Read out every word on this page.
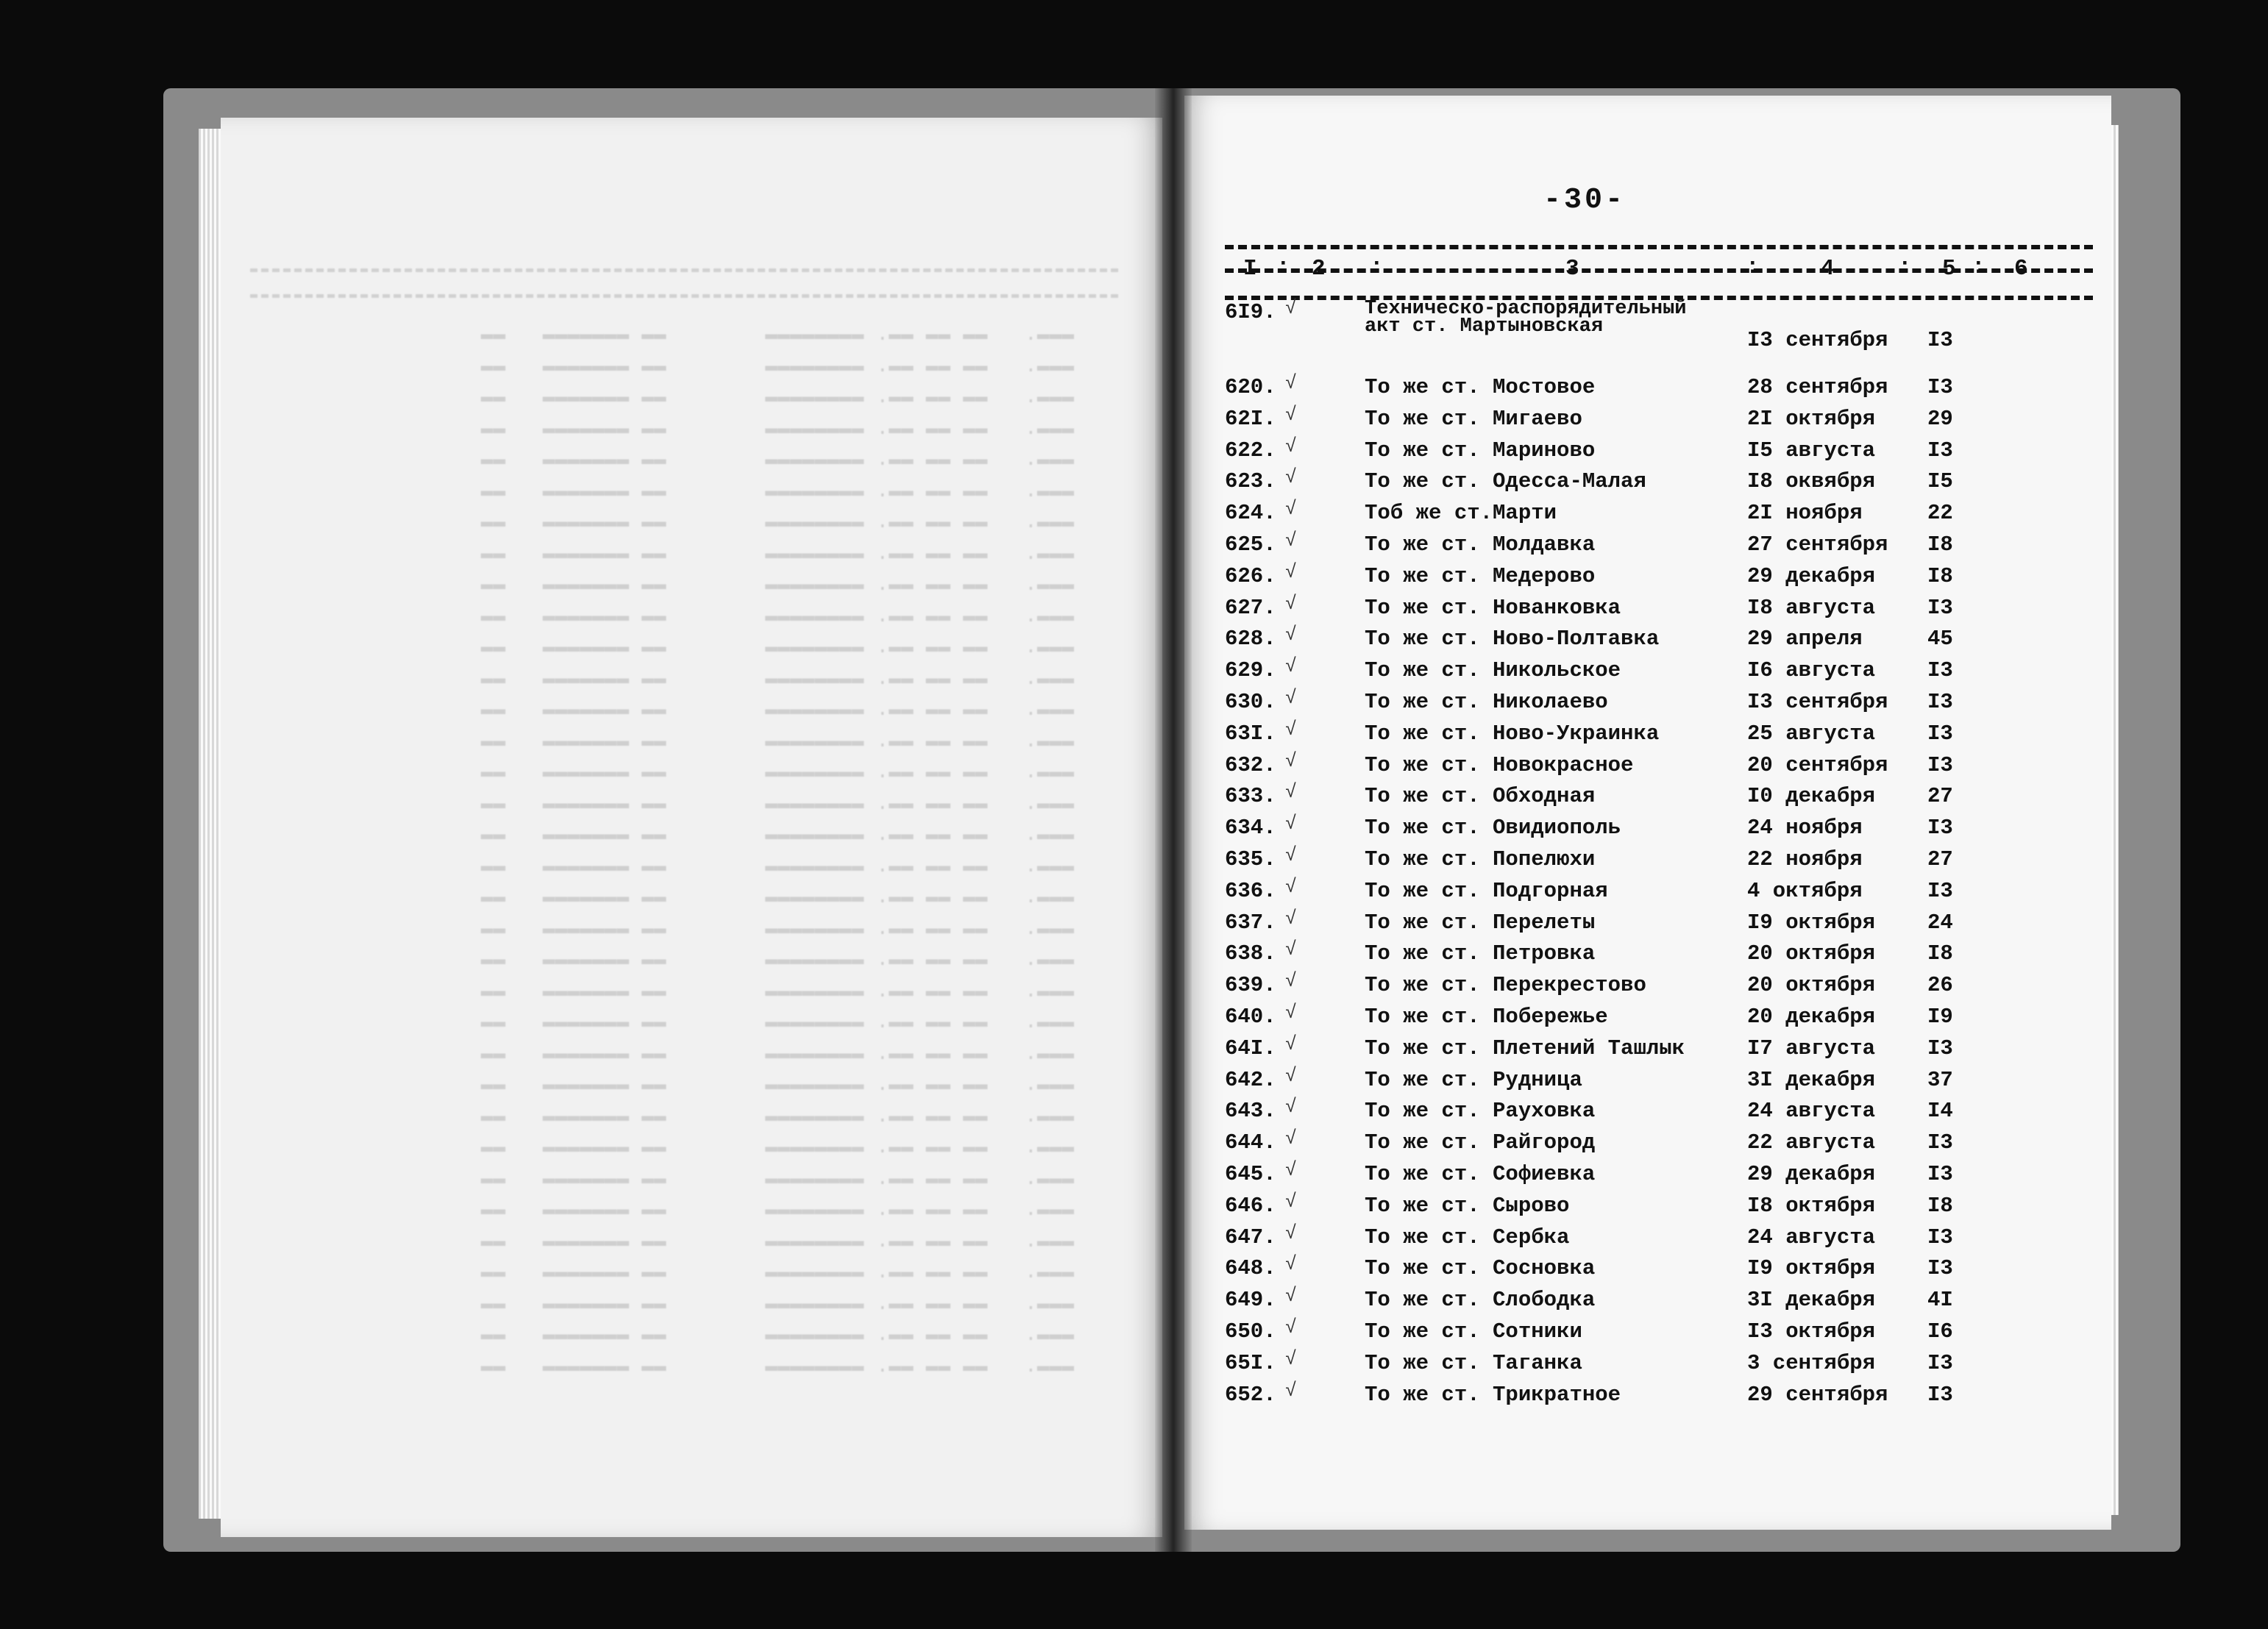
-30-
I : 2 :	3	:	4	: 5 : 6
6I9. √	Техническо-распорядительный
акт ст. Мартыновская
I3 сентября I3
620. √	То же ст. Мостовое	28 сентября I3
62I. √	То же ст. Мигаево	2I октября 29
622. √	То же ст. Мариново	I5 августа I3
623. √	То же ст. Одесса-Малая	I8 оквября I5
624. √	Тоб же ст.Марти	2I ноября	22
625. √	То же ст. Молдавка	27 сентября I8
626. √	То же ст. Медерово	29 декабря I8
627. √	То же ст. Нованковка	I8 августа I3
628. √	То же ст. Ново-Полтавка	29 апреля	45
629. √	То же ст. Никольское	I6 августа I3
630. √	То же ст. Николаево	I3 сентября I3
63I. √	То же ст. Ново-Украинка	25 августа I3
632. √	То же ст. Новокрасное	20 сентября I3
633. √	То же ст. Обходная	I0 декабря 27
634. √	То же ст. Овидиополь	24 ноября	I3
635. √	То же ст. Попелюхи	22 ноября	27
636. √	То же ст. Подгорная	4 октября	I3
637. √	То же ст. Перелеты	I9 октября 24
638. √	То же ст. Петровка	20 октября I8
639. √	То же ст. Перекрестово	20 октября 26
640. √	То же ст. Побережье	20 декабря I9
64I. √	То же ст. Плетений Ташлык	I7 августа I3
642. √	То же ст. Рудница	3I декабря 37
643. √	То же ст. Рауховка	24 августа I4
644. √	То же ст. Райгород	22 августа I3
645. √	То же ст. Софиевка	29 декабря I3
646. √	То же ст. Сырово	I8 октября I8
647. √	То же ст. Сербка	24 августа I3
648. √	То же ст. Сосновка	I9 октября I3
649. √	То же ст. Слободка	3I декабря 4I
650. √	То же ст. Сотники	I3 октября I6
65I. √	То же ст. Таганка	3 сентября I3
652. √	То же ст. Трикратное	29 сентября I3
